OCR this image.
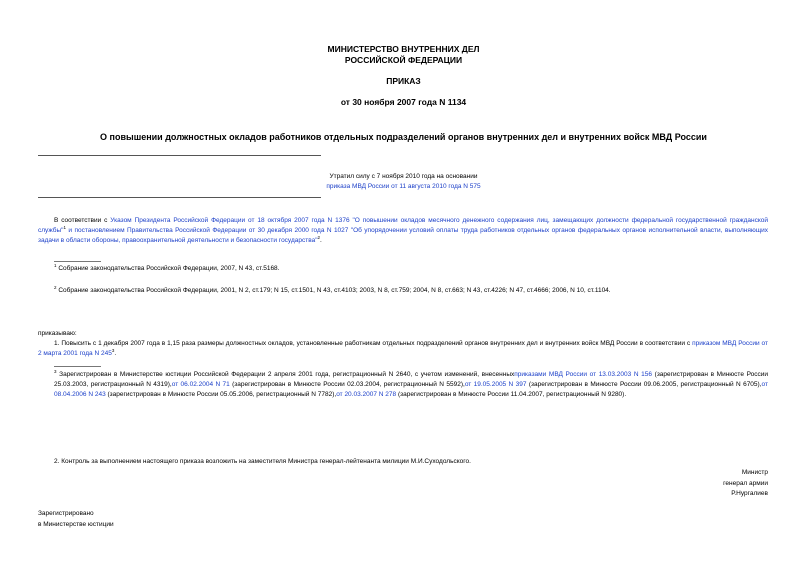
МИНИСТЕРСТВО ВНУТРЕННИХ ДЕЛ
РОССИЙСКОЙ ФЕДЕРАЦИИ
ПРИКАЗ
от 30 ноября 2007 года N 1134
О повышении должностных окладов работников отдельных подразделений органов внутренних дел и внутренних войск МВД России
Утратил силу с 7 ноября 2010 года на основании
приказа МВД России от 11 августа 2010 года N 575
В соответствии с Указом Президента Российской Федерации от 18 октября 2007 года N 1376 "О повышении окладов месячного денежного содержания лиц, замещающих должности федеральной государственной гражданской службы"$^1$ и постановлением Правительства Российской Федерации от 30 декабря 2000 года N 1027 "Об упорядочении условий оплаты труда работников отдельных органов федеральных органов исполнительной власти, выполняющих задачи в области обороны, правоохранительной деятельности и безопасности государства"$^2$.
$^1$ Собрание законодательства Российской Федерации, 2007, N 43, ст.5168.
$^2$ Собрание законодательства Российской Федерации, 2001, N 2, ст.179; N 15, ст.1501, N 43, ст.4103; 2003, N 8, ст.759; 2004, N 8, ст.663; N 43, ст.4226; N 47, ст.4666; 2006, N 10, ст.1104.
приказываю:
1. Повысить с 1 декабря 2007 года в 1,15 раза размеры должностных окладов, установленные работникам отдельных подразделений органов внутренних дел и внутренних войск МВД России в соответствии с приказом МВД России от 2 марта 2001 года N $245^3$.
$^3$ Зарегистрирован в Министерстве юстиции Российской Федерации 2 апреля 2001 года, регистрационный N 2640, с учетом изменений, внесенныхприказами МВД России от 13.03.2003 N 156 (зарегистрирован в Минюсте России 25.03.2003, регистрационный N 4319),от 06.02.2004 N 71 (зарегистрирован в Минюсте России 02.03.2004, регистрационный N 5592),от 19.05.2005 N 397 (зарегистрирован в Минюсте России 09.06.2005, регистрационный N 6705),от 08.04.2006 N 243 (зарегистрирован в Минюсте России 05.05.2006, регистрационный N 7782),от 20.03.2007 N 278 (зарегистрирован в Минюсте России 11.04.2007, регистрационный N 9280).
2. Контроль за выполнением настоящего приказа возложить на заместителя Министра генерал-лейтенанта милиции М.И.Суходольского.
Министр
генерал армии
Р.Нургалиев
Зарегистрировано
в Министерстве юстиции
